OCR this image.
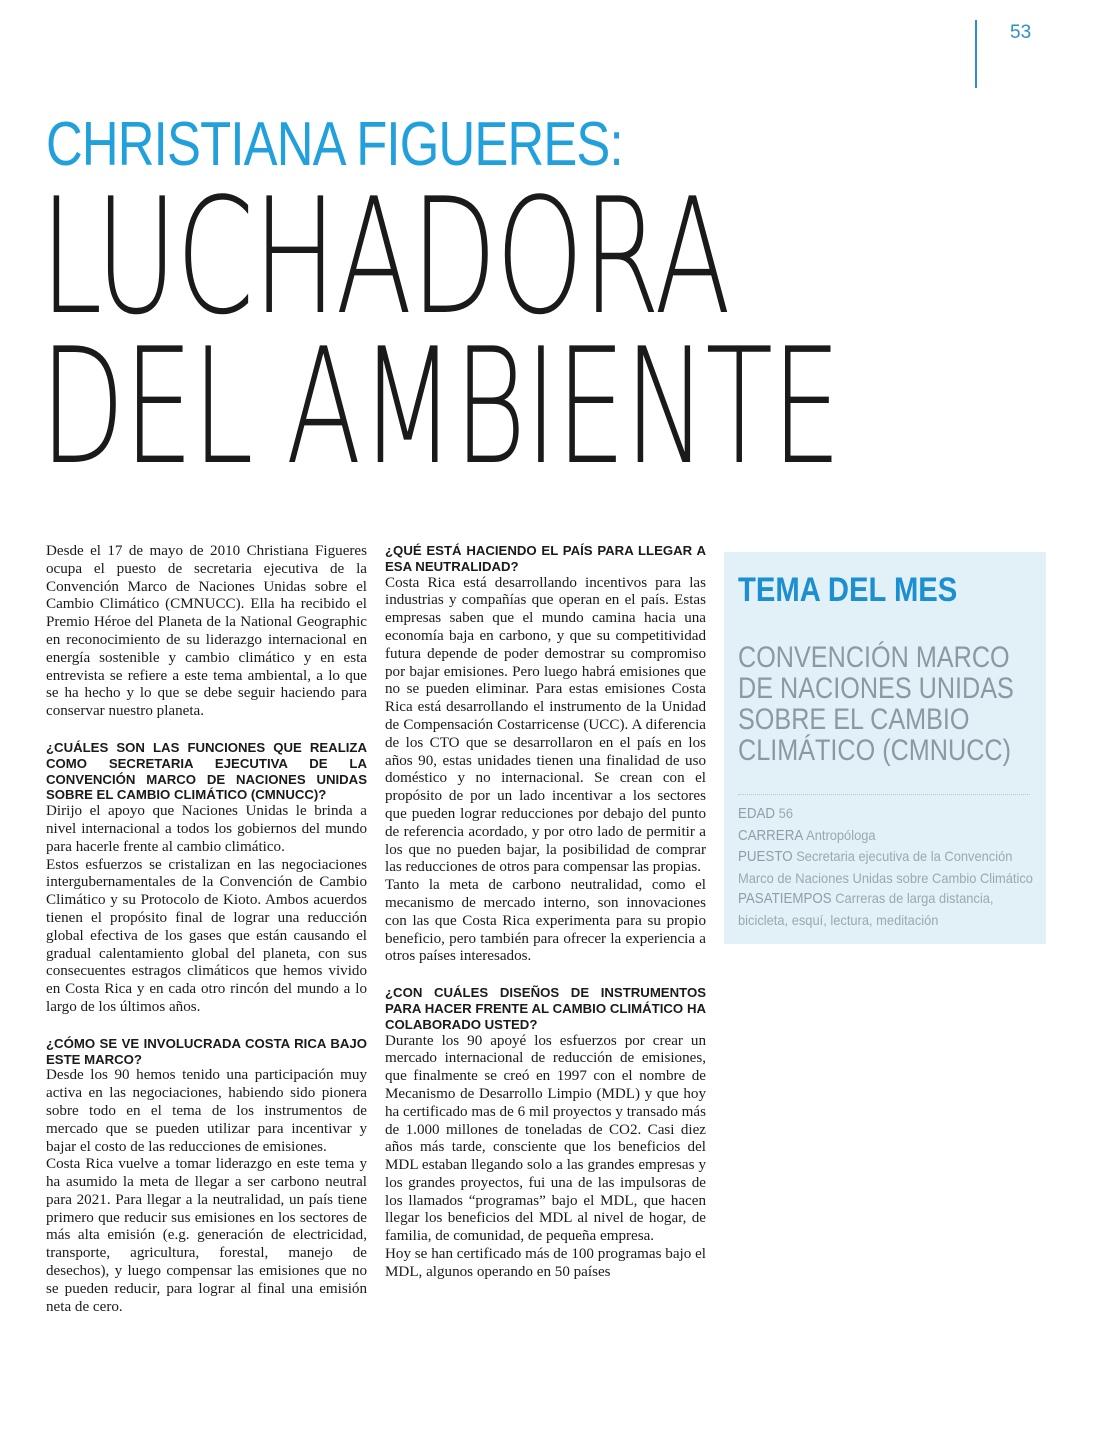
53
CHRISTIANA FIGUERES:
LUCHADORA
DEL AMBIENTE

Desde el 17 de mayo de 2010 Christiana Figueres ocupa el puesto de secretaria ejecutiva de la Convención Marco de Naciones Unidas sobre el Cambio Climático (CMNUCC). Ella ha recibido el Premio Héroe del Planeta de la National Geographic en reconocimiento de su liderazgo internacional en energía sostenible y cambio climático y en esta entrevista se refiere a este tema ambiental, a lo que se ha hecho y lo que se debe seguir haciendo para conservar nuestro planeta.

¿CUÁLES SON LAS FUNCIONES QUE REALIZA COMO SECRETARIA EJECUTIVA DE LA CONVENCIÓN MARCO DE NACIONES UNIDAS SOBRE EL CAMBIO CLIMÁTICO (CMNUCC)?

Dirijo el apoyo que Naciones Unidas le brinda a nivel internacional a todos los gobiernos del mundo para hacerle frente al cambio climático.

Estos esfuerzos se cristalizan en las negociaciones intergubernamentales de la Convención de Cambio Climático y su Protocolo de Kioto. Ambos acuerdos tienen el propósito final de lograr una reducción global efectiva de los gases que están causando el gradual calentamiento global del planeta, con sus consecuentes estragos climáticos que hemos vivido en Costa Rica y en cada otro rincón del mundo a lo largo de los últimos años.

¿CÓMO SE VE INVOLUCRADA COSTA RICA BAJO ESTE MARCO?

Desde los 90 hemos tenido una participación muy activa en las negociaciones, habiendo sido pionera sobre todo en el tema de los instrumentos de mercado que se pueden utilizar para incentivar y bajar el costo de las reducciones de emisiones.

Costa Rica vuelve a tomar liderazgo en este tema y ha asumido la meta de llegar a ser carbono neutral para 2021. Para llegar a la neutralidad, un país tiene primero que reducir sus emisiones en los sectores de más alta emisión (e.g. generación de electricidad, transporte, agricultura, forestal, manejo de desechos), y luego compensar las emisiones que no se pueden reducir, para lograr al final una emisión neta de cero.

¿QUÉ ESTÁ HACIENDO EL PAÍS PARA LLEGAR A ESA NEUTRALIDAD?

Costa Rica está desarrollando incentivos para las industrias y compañías que operan en el país. Estas empresas saben que el mundo camina hacia una economía baja en carbono, y que su competitividad futura depende de poder demostrar su compromiso por bajar emisiones. Pero luego habrá emisiones que no se pueden eliminar. Para estas emisiones Costa Rica está desarrollando el instrumento de la Unidad de Compensación Costarricense (UCC). A diferencia de los CTO que se desarrollaron en el país en los años 90, estas unidades tienen una finalidad de uso doméstico y no internacional. Se crean con el propósito de por un lado incentivar a los sectores que pueden lograr reducciones por debajo del punto de referencia acordado, y por otro lado de permitir a los que no pueden bajar, la posibilidad de comprar las reducciones de otros para compensar las propias.

Tanto la meta de carbono neutralidad, como el mecanismo de mercado interno, son innovaciones con las que Costa Rica experimenta para su propio beneficio, pero también para ofrecer la experiencia a otros países interesados.

¿CON CUÁLES DISEÑOS DE INSTRUMENTOS PARA HACER FRENTE AL CAMBIO CLIMÁTICO HA COLABORADO USTED?

Durante los 90 apoyé los esfuerzos por crear un mercado internacional de reducción de emisiones, que finalmente se creó en 1997 con el nombre de Mecanismo de Desarrollo Limpio (MDL) y que hoy ha certificado mas de 6 mil proyectos y transado más de 1.000 millones de toneladas de CO2. Casi diez años más tarde, consciente que los beneficios del MDL estaban llegando solo a las grandes empresas y los grandes proyectos, fui una de las impulsoras de los llamados “programas” bajo el MDL, que hacen llegar los beneficios del MDL al nivel de hogar, de familia, de comunidad, de pequeña empresa.

Hoy se han certificado más de 100 programas bajo el MDL, algunos operando en 50 países

TEMA DEL MES
CONVENCIÓN MARCO
DE NACIONES UNIDAS
SOBRE EL CAMBIO
CLIMÁTICO (CMNUCC)
EDAD 56
CARRERA Antropóloga
PUESTO Secretaria ejecutiva de la Convención Marco de Naciones Unidas sobre Cambio Climático
PASATIEMPOS Carreras de larga distancia, bicicleta, esquí, lectura, meditación
